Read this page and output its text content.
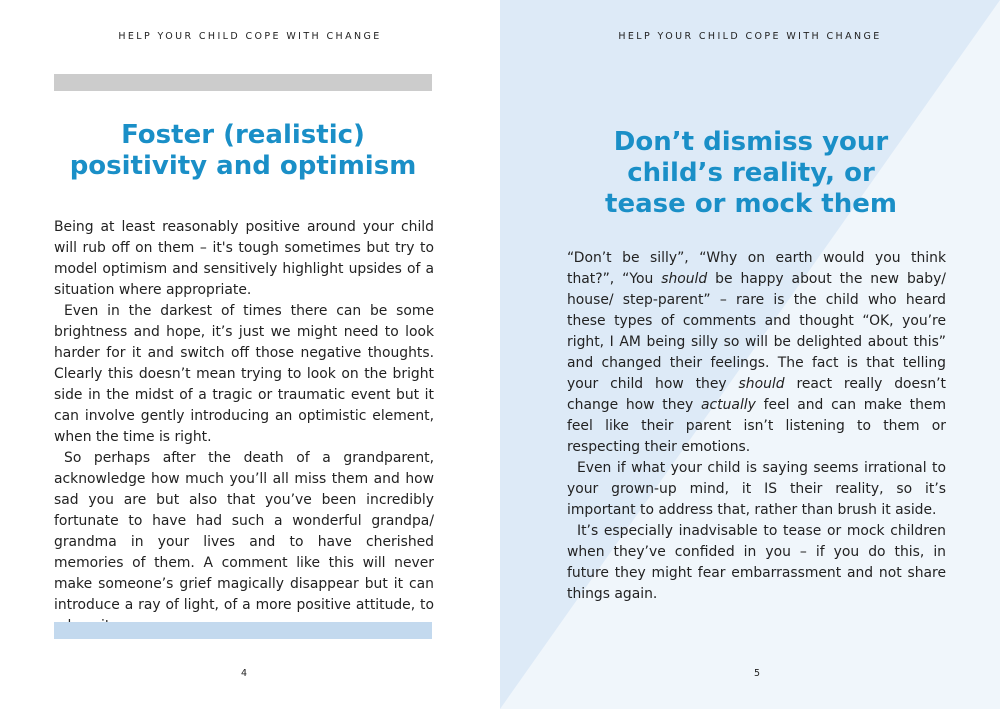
HELP YOUR CHILD COPE WITH CHANGE
Foster (realistic)
positivity and optimism

Being at least reasonably positive around your child will rub off on them – it's tough sometimes but try to model optimism and sensitively highlight upsides of a situation where appropriate.

Even in the darkest of times there can be some brightness and hope, it’s just we might need to look harder for it and switch off those negative thoughts. Clearly this doesn’t mean trying to look on the bright side in the midst of a tragic or traumatic event but it can involve gently introducing an optimistic element, when the time is right.

So perhaps after the death of a grandparent, acknowledge how much you’ll all miss them and how sad you are but also that you’ve been incredibly fortunate to have had such a wonderful grandpa/ grandma in your lives and to have cherished memories of them. A comment like this will never make someone’s grief magically disappear but it can introduce a ray of light, of a more positive attitude, to

4
HELP YOUR CHILD COPE WITH CHANGE
Don’t dismiss your
child’s reality, or
tease or mock them

“Don’t be silly”, “Why on earth would you think that?”, “You should be happy about the new baby/ house/ step-parent” – rare is the child who heard these types of comments and thought “OK, you’re right, I AM being silly so will be delighted about this” and changed their feelings. The fact is that telling your child how they should react really doesn’t change how they actually feel and can make them feel like their parent isn’t listening to them or respecting their emotions.

Even if what your child is saying seems irrational to your grown-up mind, it IS their reality, so it’s important to address that, rather than brush it aside.

It’s especially inadvisable to tease or mock children when they’ve confided in you – if you do this, in future they might fear embarrassment and not share things again.

5
